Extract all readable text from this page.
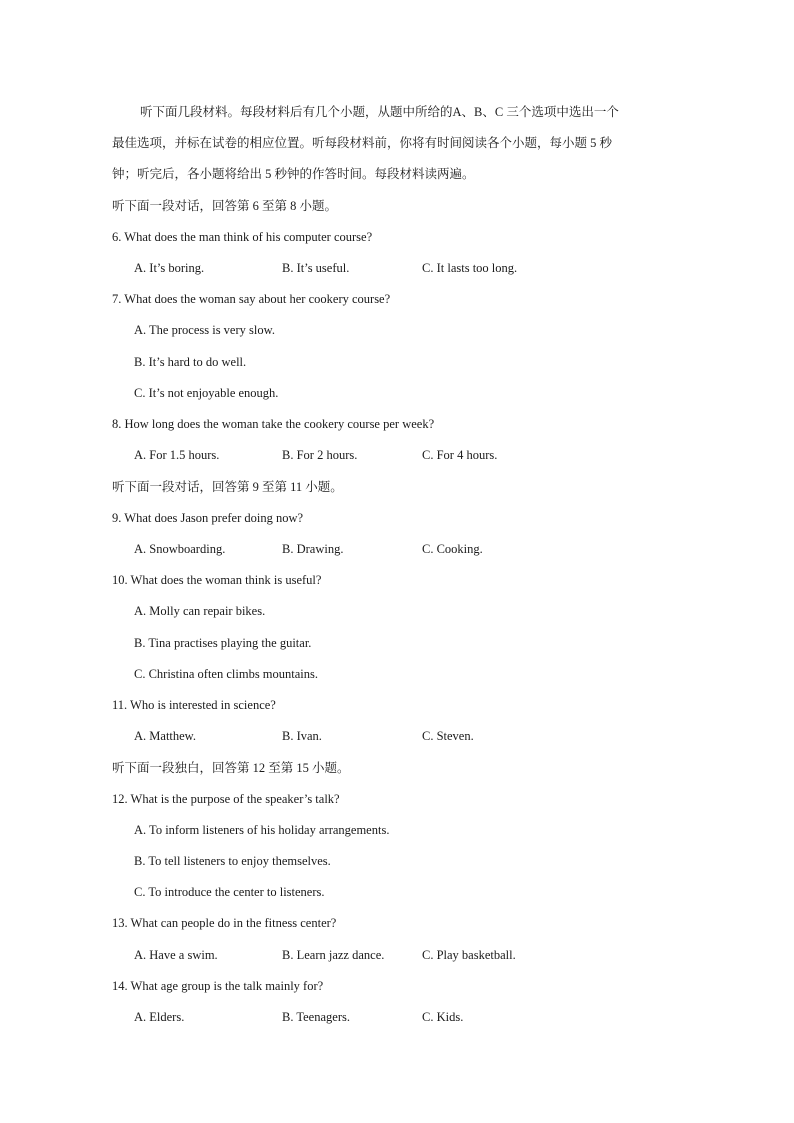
听下面几段材料。每段材料后有几个小题，从题中所给的A、B、C 三个选项中选出一个
最佳选项，并标在试卷的相应位置。听每段材料前，你将有时间阅读各个小题，每小题 5 秒
钟；听完后，各小题将给出 5 秒钟的作答时间。每段材料读两遍。
听下面一段对话，回答第 6 至第 8 小题。
6. What does the man think of his computer course?
A. It’s boring.	B. It’s useful.	C. It lasts too long.
7. What does the woman say about her cookery course?
A. The process is very slow.
B. It’s hard to do well.
C. It’s not enjoyable enough.
8. How long does the woman take the cookery course per week?
A. For 1.5 hours.	B. For 2 hours.	C. For 4 hours.
听下面一段对话，回答第 9 至第 11 小题。
9. What does Jason prefer doing now?
A. Snowboarding.	B. Drawing.	C. Cooking.
10. What does the woman think is useful?
A. Molly can repair bikes.
B. Tina practises playing the guitar.
C. Christina often climbs mountains.
11. Who is interested in science?
A. Matthew.	B. Ivan.	C. Steven.
听下面一段独白，回答第 12 至第 15 小题。
12. What is the purpose of the speaker’s talk?
A. To inform listeners of his holiday arrangements.
B. To tell listeners to enjoy themselves.
C. To introduce the center to listeners.
13. What can people do in the fitness center?
A. Have a swim.	B. Learn jazz dance.	C. Play basketball.
14. What age group is the talk mainly for?
A. Elders.	B. Teenagers.	C. Kids.
